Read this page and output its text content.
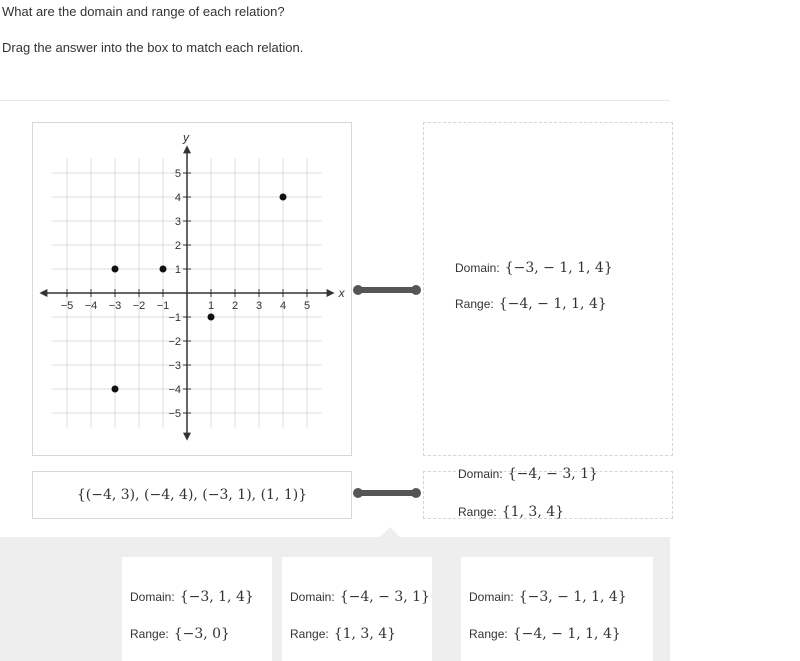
What are the domain and range of each relation?
Drag the answer into the box to match each relation.
x
y
−5 −4 −3 −2 −1	1 2 3 4 5
5
4
3
2
1
−1
−2
−3
−4
−5
{(−4, 3), (−4, 4), (−3, 1), (1, 1)}
Domain: {−3, − 1, 1, 4}
Range: {−4, − 1, 1, 4}
Domain: {−4, − 3, 1}
Range: {1, 3, 4}
Domain: {−3, 1, 4}
Range: {−3, 0}
Domain: {−4, − 3, 1}
Range: {1, 3, 4}
Domain: {−3, − 1, 1, 4}
Range: {−4, − 1, 1, 4}
